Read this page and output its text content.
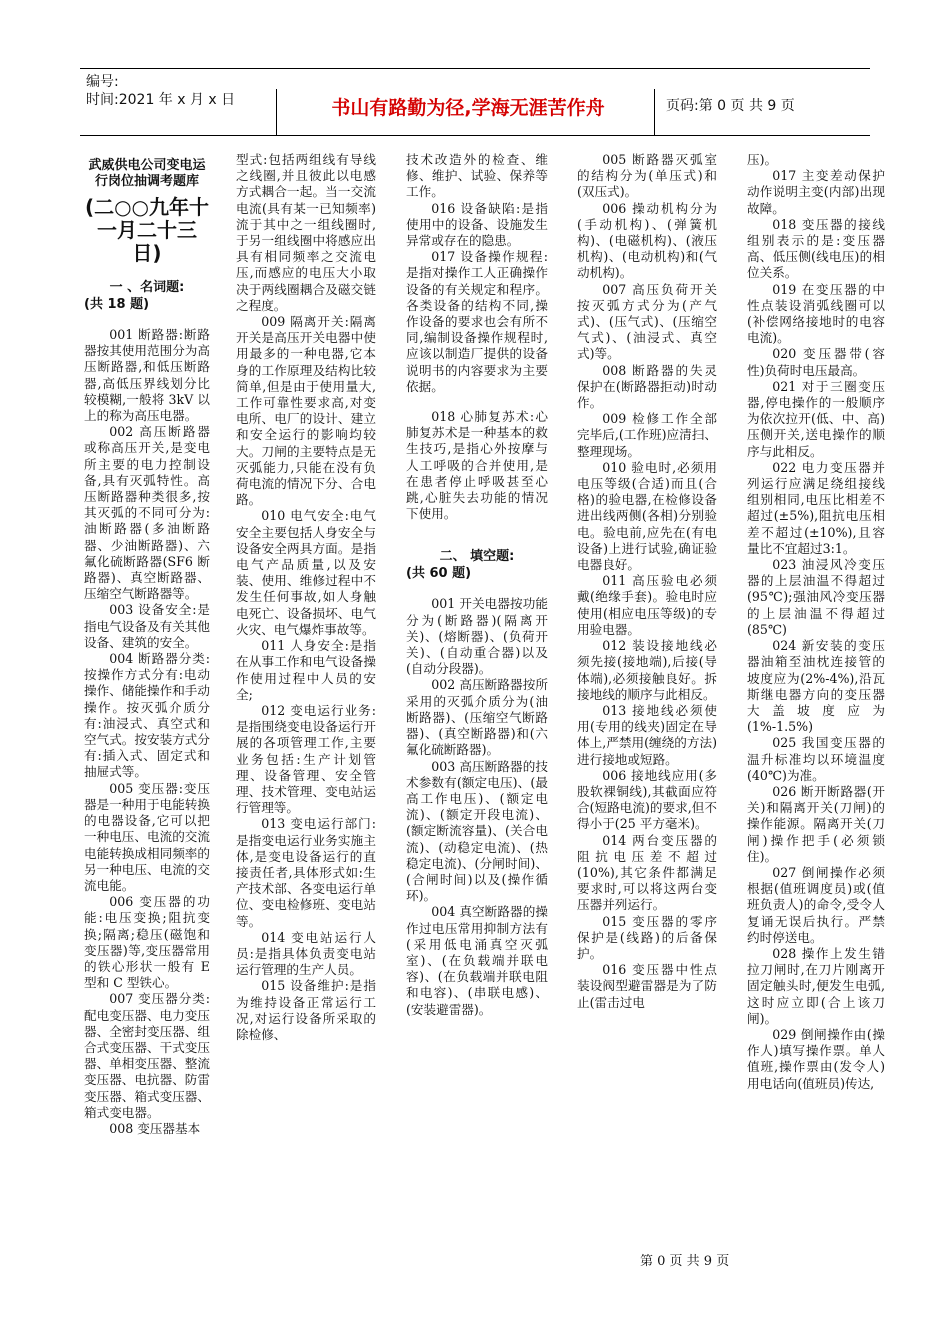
编号:
时间:2021 年 x 月 x 日	书山有路勤为径,学海无涯苦作舟	页码:第 0 页 共 9 页
武威供电公司变电运行岗位抽调考题库
(二○○九年十一月二十三日)
一 、名词题:
(共 18 题)

001 断路器:断路器按其使用范围分为高压断路器,和低压断路器,高低压界线划分比较模糊,一般将 3kV 以上的称为高压电器。

002 高压断路器或称高压开关,是变电所主要的电力控制设备,具有灭弧特性。高压断路器种类很多,按其灭弧的不同可分为:油断路器(多油断路器、少油断路器)、六氟化硫断路器(SF6 断路器)、真空断路器、压缩空气断路器等。

003 设备安全:是指电气设备及有关其他设备、建筑的安全。

004 断路器分类:按操作方式分有:电动操作、储能操作和手动操作。按灭弧介质分有:油浸式、真空式和空气式。按安装方式分有:插入式、固定式和抽屉式等。

005 变压器:变压器是一种用于电能转换的电器设备,它可以把一种电压、电流的交流电能转换成相同频率的另一种电压、电流的交流电能。

006 变压器的功能:电压变换;阻抗变换;隔离;稳压(磁饱和变压器)等,变压器常用的铁心形状一般有 E 型和 C 型铁心。

007 变压器分类:配电变压器、电力变压器、全密封变压器、组合式变压器、干式变压器、单相变压器、整流变压器、电抗器、防雷变压器、箱式变压器、箱式变电器。

008 变压器基本

型式:包括两组线有导线之线圈,并且彼此以电感方式耦合一起。当一交流电流(具有某一已知频率)流于其中之一组线圈时,于另一组线圈中将感应出具有相同频率之交流电压,而感应的电压大小取决于两线圈耦合及磁交链之程度。

009 隔离开关:隔离开关是高压开关电器中使用最多的一种电器,它本身的工作原理及结构比较简单,但是由于使用量大,工作可靠性要求高,对变电所、电厂的设计、建立和安全运行的影响均较大。刀闸的主要特点是无灭弧能力,只能在没有负荷电流的情况下分、合电路。

010 电气安全:电气安全主要包括人身安全与设备安全两具方面。是指电气产品质量,以及安装、使用、维修过程中不发生任何事故,如人身触电死亡、设备损坏、电气火灾、电气爆炸事故等。

011 人身安全:是指在从事工作和电气设备操作使用过程中人员的安全;

012 变电运行业务:是指围绕变电设备运行开展的各项管理工作,主要业务包括:生产计划管理、设备管理、安全管理、技术管理、变电站运行管理等。

013 变电运行部门:是指变电运行业务实施主体,是变电设备运行的直接责任者,具体形式如:生产技术部、各变电运行单位、变电检修班、变电站等。

014 变电站运行人员:是指具体负责变电站运行管理的生产人员。

015 设备维护:是指为维持设备正常运行工况,对运行设备所采取的除检修、

技术改造外的检查、维修、维护、试验、保养等工作。

016 设备缺陷:是指使用中的设备、设施发生异常或存在的隐患。

017 设备操作规程:是指对操作工人正确操作设备的有关规定和程序。各类设备的结构不同,操作设备的要求也会有所不同,编制设备操作规程时,应该以制造厂提供的设备说明书的内容要求为主要依据。

018 心肺复苏术:心肺复苏术是一种基本的救生技巧,是指心外按摩与人工呼吸的合并使用,是在患者停止呼吸甚至心跳,心脏失去功能的情况下使用。

二、 填空题:
(共 60 题)

001 开关电器按功能分为(断路器)(隔离开关)、(熔断器)、(负荷开关)、(自动重合器)以及(自动分段器)。

002 高压断路器按所采用的灭弧介质分为(油断路器)、(压缩空气断路器)、(真空断路器)和(六氟化硫断路器)。

003 高压断路器的技术参数有(额定电压)、(最高工作电压)、(额定电流)、(额定开段电流)、(额定断流容量)、(关合电流)、(动稳定电流)、(热稳定电流)、(分闸时间)、(合闸时间)以及(操作循环)。

004 真空断路器的操作过电压常用抑制方法有(采用低电涌真空灭弧室)、(在负载端并联电容)、(在负载端并联电阻和电容)、(串联电感)、(安装避雷器)。

005 断路器灭弧室的结构分为(单压式)和(双压式)。

006 操动机构分为(手动机构)、(弹簧机构)、(电磁机构)、(液压机构)、(电动机构)和(气动机构)。

007 高压负荷开关按灭弧方式分为(产气式)、(压气式)、(压缩空气式)、(油浸式、真空式)等。

008 断路器的失灵保护在(断路器拒动)时动作。

009 检修工作全部完毕后,(工作班)应清扫、整理现场。

010 验电时,必须用电压等级(合适)而且(合格)的验电器,在检修设备进出线两侧(各相)分别验电。验电前,应先在(有电设备)上进行试验,确证验电器良好。

011 高压验电必须戴(绝缘手套)。验电时应使用(相应电压等级)的专用验电器。

012 装设接地线必须先接(接地端),后接(导体端),必须接触良好。拆接地线的顺序与此相反。

013 接地线必须使用(专用的线夹)固定在导体上,严禁用(缠绕的方法)进行接地或短路。

006 接地线应用(多股软裸铜线),其截面应符合(短路电流)的要求,但不得小于(25 平方毫米)。

014 两台变压器的阻抗电压差不超过(10%),其它条件都满足要求时,可以将这两台变压器并列运行。

015 变压器的零序保护是(线路)的后备保护。

016 变压器中性点装设阀型避雷器是为了防止(雷击过电

压)。

017 主变差动保护动作说明主变(内部)出现故障。

018 变压器的接线组别表示的是:变压器高、低压侧(线电压)的相位关系。

019 在变压器的中性点装设消弧线圈可以(补偿网络接地时的电容电流)。

020 变压器带(容性)负荷时电压最高。

021 对于三圈变压器,停电操作的一般顺序为依次拉开(低、中、高)压侧开关,送电操作的顺序与此相反。

022 电力变压器并列运行应满足绕组接线组别相同,电压比相差不超过(±5%),阻抗电压相差不超过(±10%),且容量比不宜超过3:1。

023 油浸风冷变压器的上层油温不得超过(95℃);强油风冷变压器的上层油温不得超过(85℃)

024 新安装的变压器油箱至油枕连接管的坡度应为(2%-4%),沿瓦斯继电器方向的变压器大盖坡度应为(1%-1.5%)

025 我国变压器的温升标准均以环境温度(40℃)为准。

026 断开断路器(开关)和隔离开关(刀闸)的操作能源。隔离开关(刀闸)操作把手(必须锁住)。

027 倒闸操作必须根据(值班调度员)或(值班负责人)的命令,受令人复诵无误后执行。严禁约时停送电。

028 操作上发生错拉刀闸时,在刀片刚离开固定触头时,便发生电弧,这时应立即(合上该刀闸)。

029 倒闸操作由(操作人)填写操作票。单人值班,操作票由(发令人)用电话向(值班员)传达,

第 0 页 共 9 页
